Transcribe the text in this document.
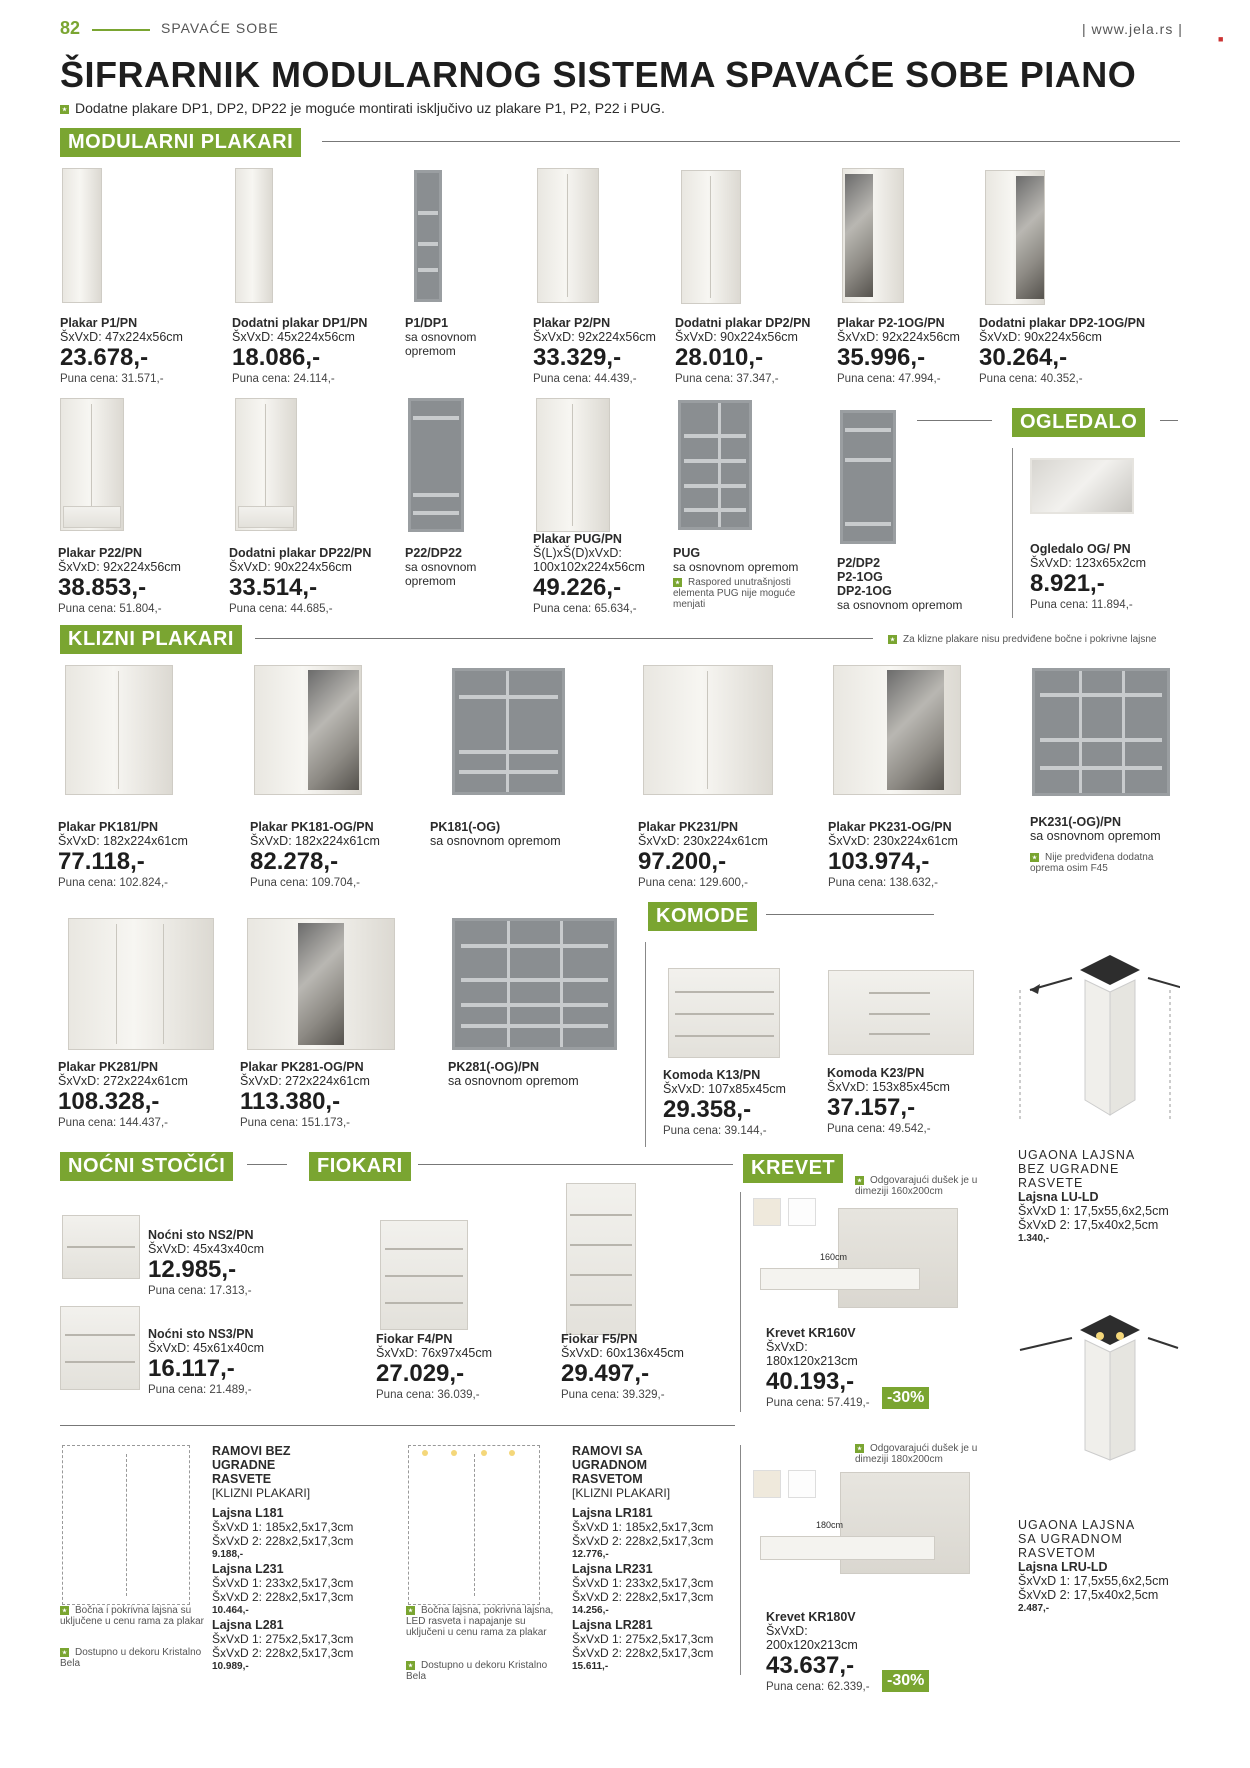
82	SPAVAĆE SOBE	| www.jela.rs |
■
ŠIFRARNIK MODULARNOG SISTEMA SPAVAĆE SOBE PIANO
Dodatne plakare DP1, DP2, DP22 je moguće montirati isključivo uz plakare P1, P2, P22 i PUG.
MODULARNI PLAKARI
Plakar P1/PN
ŠxVxD: 47x224x56cm
23.678,-
Puna cena: 31.571,-
Dodatni plakar DP1/PN
ŠxVxD: 45x224x56cm
18.086,-
Puna cena: 24.114,-
P1/DP1
sa osnovnom
opremom
Plakar P2/PN
ŠxVxD: 92x224x56cm
33.329,-
Puna cena: 44.439,-
Dodatni plakar DP2/PN
ŠxVxD: 90x224x56cm
28.010,-
Puna cena: 37.347,-
Plakar P2-1OG/PN
ŠxVxD: 92x224x56cm
35.996,-
Puna cena: 47.994,-
Dodatni plakar DP2-1OG/PN
ŠxVxD: 90x224x56cm
30.264,-
Puna cena: 40.352,-
OGLEDALO
Plakar P22/PN
ŠxVxD: 92x224x56cm
38.853,-
Puna cena: 51.804,-
Dodatni plakar DP22/PN
ŠxVxD: 90x224x56cm
33.514,-
Puna cena: 44.685,-
P22/DP22
sa osnovnom
opremom
Plakar PUG/PN
Š(L)xŠ(D)xVxD:
100x102x224x56cm
49.226,-
Puna cena: 65.634,-
PUG
sa osnovnom opremom
Raspored unutrašnjosti elementa PUG nije moguće menjati
P2/DP2
P2-1OG
DP2-1OG
sa osnovnom opremom
Ogledalo OG/ PN
ŠxVxD: 123x65x2cm
8.921,-
Puna cena: 11.894,-
KLIZNI PLAKARI	Za klizne plakare nisu predviđene bočne i pokrivne lajsne
Plakar PK181/PN
ŠxVxD: 182x224x61cm
77.118,-
Puna cena: 102.824,-
Plakar PK181-OG/PN
ŠxVxD: 182x224x61cm
82.278,-
Puna cena: 109.704,-
PK181(-OG)
sa osnovnom opremom
Plakar PK231/PN
ŠxVxD: 230x224x61cm
97.200,-
Puna cena: 129.600,-
Plakar PK231-OG/PN
ŠxVxD: 230x224x61cm
103.974,-
Puna cena: 138.632,-
PK231(-OG)/PN
sa osnovnom opremom
Nije predviđena dodatna oprema osim F45
Plakar PK281/PN
ŠxVxD: 272x224x61cm
108.328,-
Puna cena: 144.437,-
Plakar PK281-OG/PN
ŠxVxD: 272x224x61cm
113.380,-
Puna cena: 151.173,-
PK281(-OG)/PN
sa osnovnom opremom
KOMODE
Komoda K13/PN
ŠxVxD: 107x85x45cm
29.358,-
Puna cena: 39.144,-
Komoda K23/PN
ŠxVxD: 153x85x45cm
37.157,-
Puna cena: 49.542,-
UGAONA LAJSNA
BEZ UGRADNE
RASVETE
Lajsna LU-LD
ŠxVxD 1: 17,5x55,6x2,5cm
ŠxVxD 2: 17,5x40x2,5cm
1.340,-
NOĆNI STOČIĆI
Noćni sto NS2/PN
ŠxVxD: 45x43x40cm
12.985,-
Puna cena: 17.313,-
Noćni sto NS3/PN
ŠxVxD: 45x61x40cm
16.117,-
Puna cena: 21.489,-
FIOKARI
Fiokar F4/PN
ŠxVxD: 76x97x45cm
27.029,-
Puna cena: 36.039,-
Fiokar F5/PN
ŠxVxD: 60x136x45cm
29.497,-
Puna cena: 39.329,-
KREVET
Odgovarajući dušek je u dimeziji 160x200cm
160cm
Krevet KR160V
ŠxVxD:
180x120x213cm
40.193,-
Puna cena: 57.419,-	-30%
UGAONA LAJSNA
SA UGRADNOM
RASVETOM
Lajsna LRU-LD
ŠxVxD 1: 17,5x55,6x2,5cm
ŠxVxD 2: 17,5x40x2,5cm
2.487,-
Bočna i pokrivna lajsna su uključene u cenu rama za plakar
Dostupno u dekoru Kristalno Bela
RAMOVI BEZ
UGRADNE
RASVETE
[KLIZNI PLAKARI]
Lajsna L181
ŠxVxD 1: 185x2,5x17,3cm
ŠxVxD 2: 228x2,5x17,3cm
9.188,-
Lajsna L231
ŠxVxD 1: 233x2,5x17,3cm
ŠxVxD 2: 228x2,5x17,3cm
10.464,-
Lajsna L281
ŠxVxD 1: 275x2,5x17,3cm
ŠxVxD 2: 228x2,5x17,3cm
10.989,-
Bočna lajsna, pokrivna lajsna, LED rasveta i napajanje su uključeni u cenu rama za plakar
Dostupno u dekoru Kristalno Bela
RAMOVI SA
UGRADNOM
RASVETOM
[KLIZNI PLAKARI]
Lajsna LR181
ŠxVxD 1: 185x2,5x17,3cm
ŠxVxD 2: 228x2,5x17,3cm
12.776,-
Lajsna LR231
ŠxVxD 1: 233x2,5x17,3cm
ŠxVxD 2: 228x2,5x17,3cm
14.256,-
Lajsna LR281
ŠxVxD 1: 275x2,5x17,3cm
ŠxVxD 2: 228x2,5x17,3cm
15.611,-
Odgovarajući dušek je u dimeziji 180x200cm
180cm
Krevet KR180V
ŠxVxD:
200x120x213cm
43.637,-
Puna cena: 62.339,-	-30%
